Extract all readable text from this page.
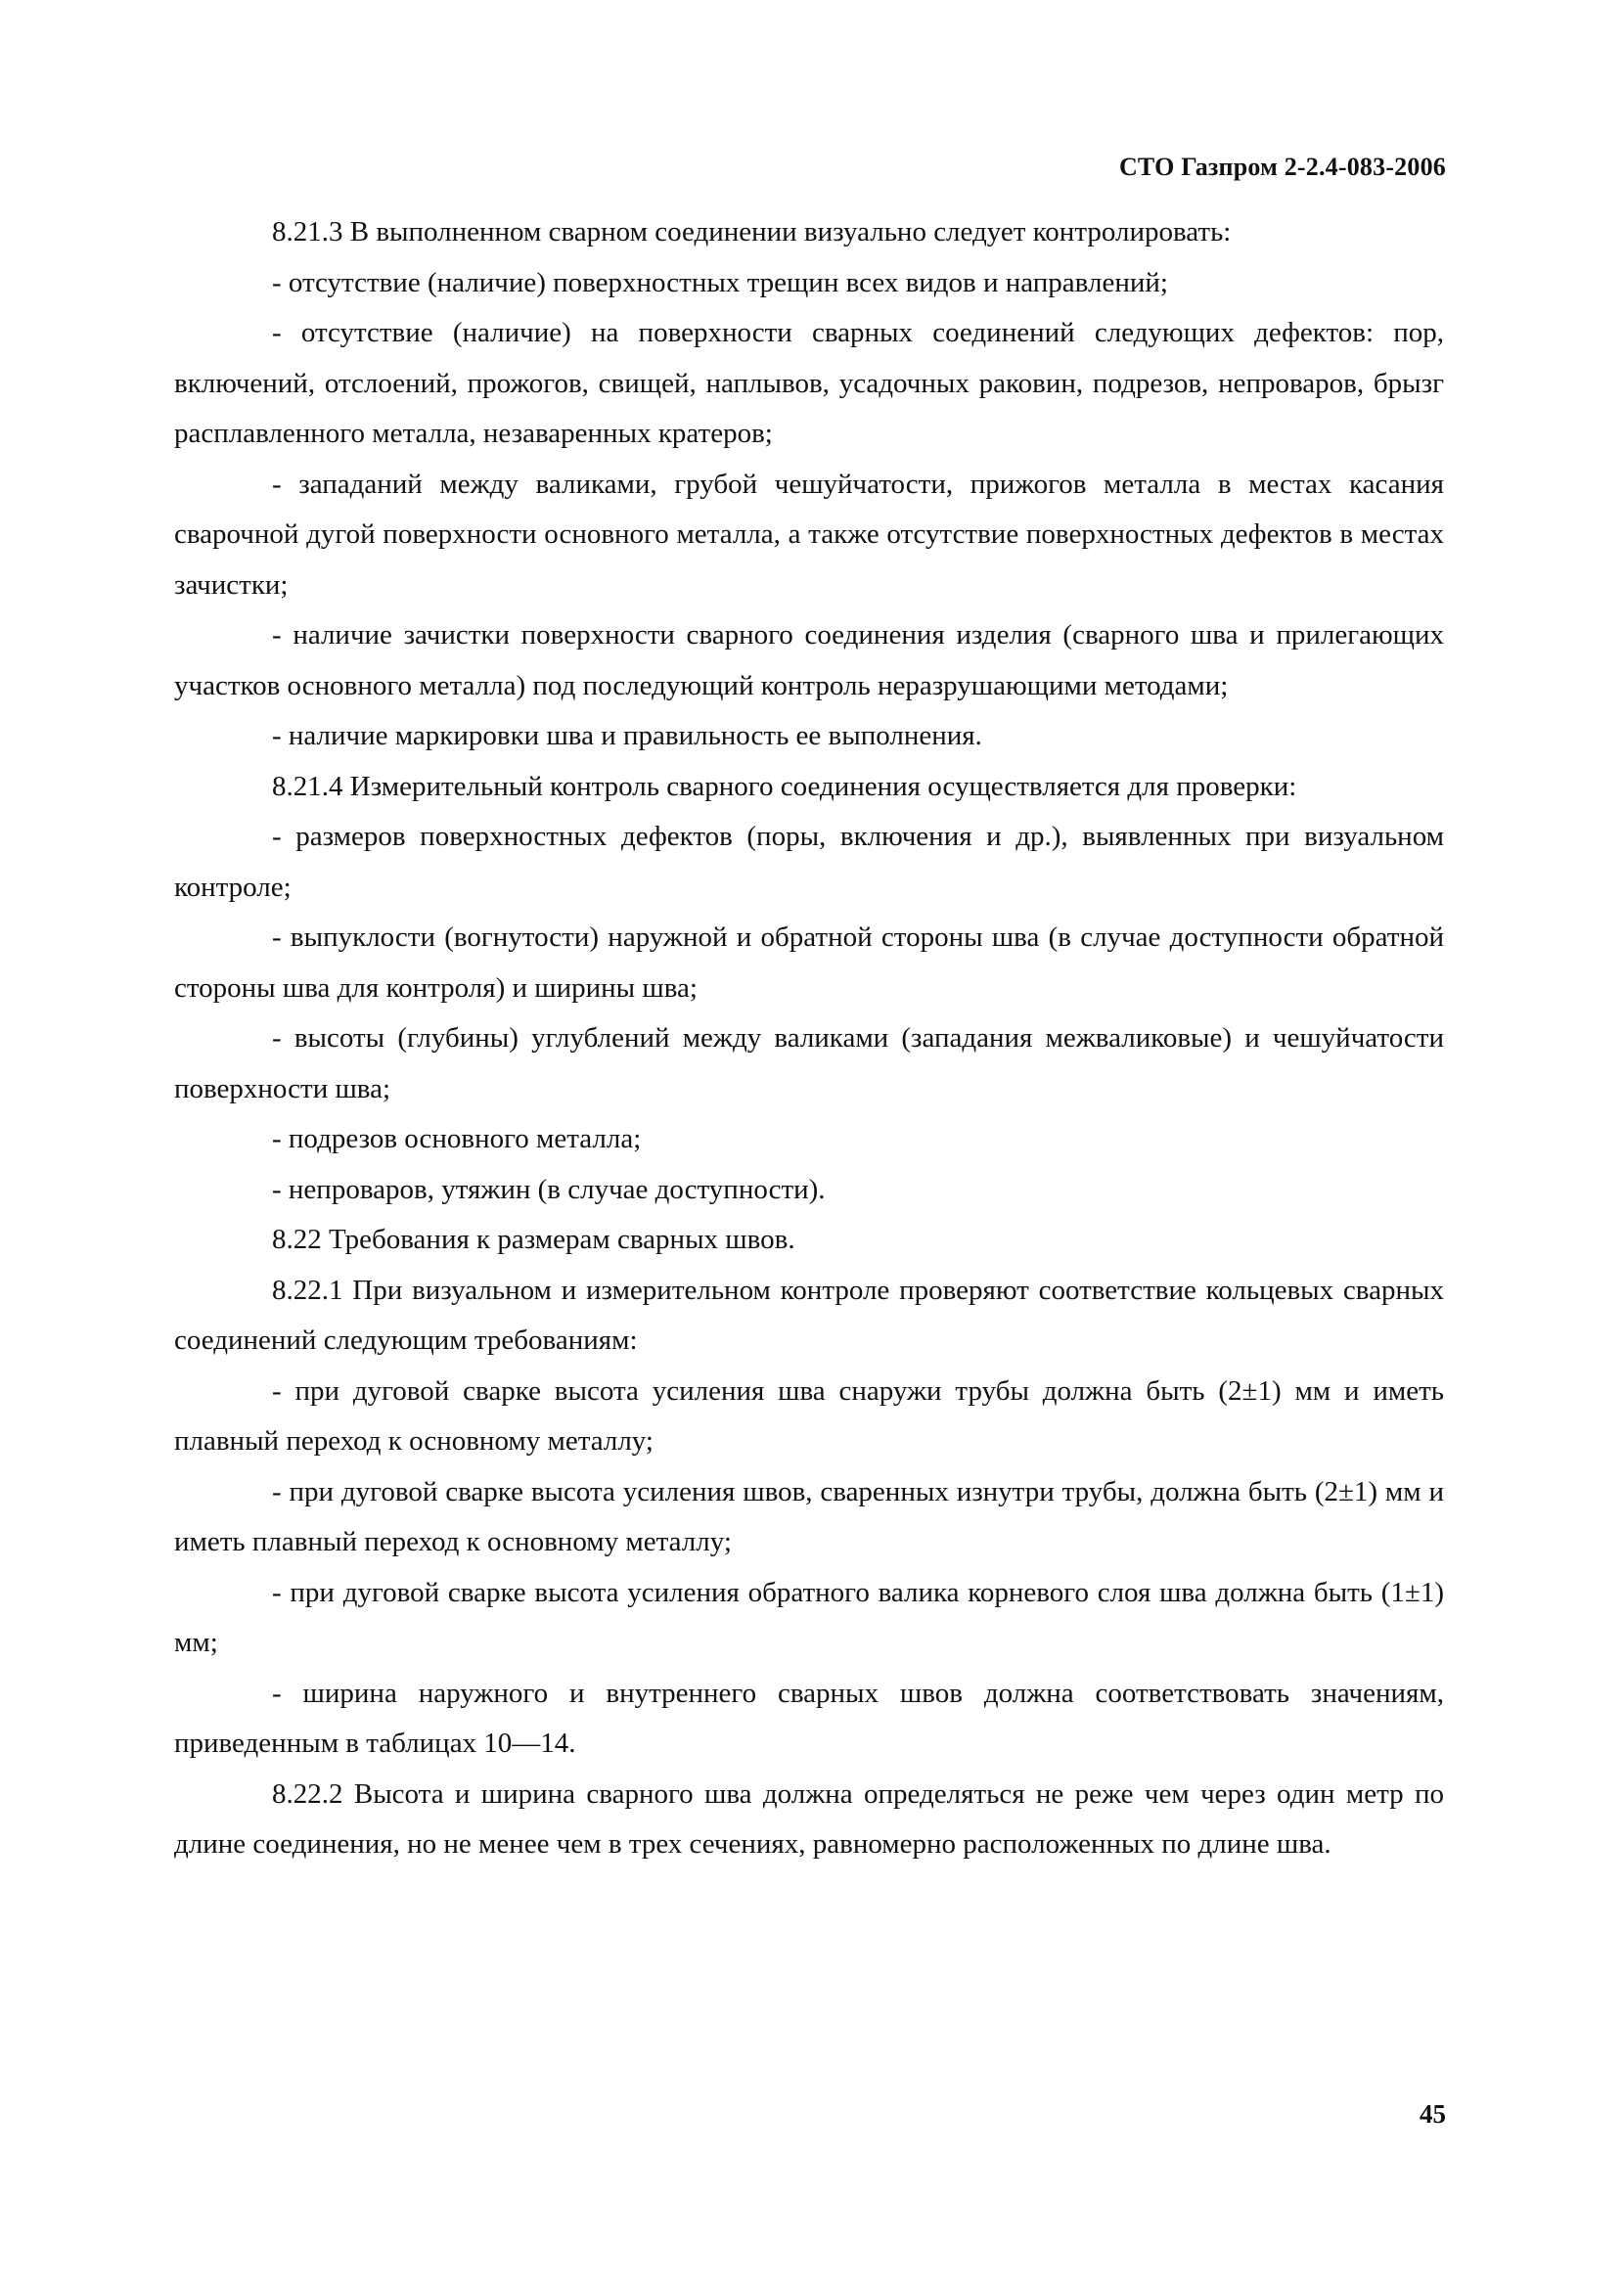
СТО Газпром 2-2.4-083-2006

8.21.3 В выполненном сварном соединении визуально следует контролировать:

- отсутствие (наличие) поверхностных трещин всех видов и направлений;

- отсутствие (наличие) на поверхности сварных соединений следующих дефектов: пор, включений, отслоений, прожогов, свищей, наплывов, усадочных раковин, подрезов, непроваров, брызг расплавленного металла, незаваренных кратеров;

- западаний между валиками, грубой чешуйчатости, прижогов металла в местах касания сварочной дугой поверхности основного металла, а также отсутствие поверхностных дефектов в местах зачистки;

- наличие зачистки поверхности сварного соединения изделия (сварного шва и прилегающих участков основного металла) под последующий контроль неразрушающими методами;

- наличие маркировки шва и правильность ее выполнения.

8.21.4 Измерительный контроль сварного соединения осуществляется для проверки:

- размеров поверхностных дефектов (поры, включения и др.), выявленных при визуальном контроле;

- выпуклости (вогнутости) наружной и обратной стороны шва (в случае доступности обратной стороны шва для контроля) и ширины шва;

- высоты (глубины) углублений между валиками (западания межваликовые) и чешуйчатости поверхности шва;

- подрезов основного металла;

- непроваров, утяжин (в случае доступности).

8.22 Требования к размерам сварных швов.

8.22.1 При визуальном и измерительном контроле проверяют соответствие кольцевых сварных соединений следующим требованиям:

- при дуговой сварке высота усиления шва снаружи трубы должна быть (2±1) мм и иметь плавный переход к основному металлу;

- при дуговой сварке высота усиления швов, сваренных изнутри трубы, должна быть (2±1) мм и иметь плавный переход к основному металлу;

- при дуговой сварке высота усиления обратного валика корневого слоя шва должна быть (1±1) мм;

- ширина наружного и внутреннего сварных швов должна соответствовать значениям, приведенным в таблицах 10—14.

8.22.2 Высота и ширина сварного шва должна определяться не реже чем через один метр по длине соединения, но не менее чем в трех сечениях, равномерно расположенных по длине шва.

45
